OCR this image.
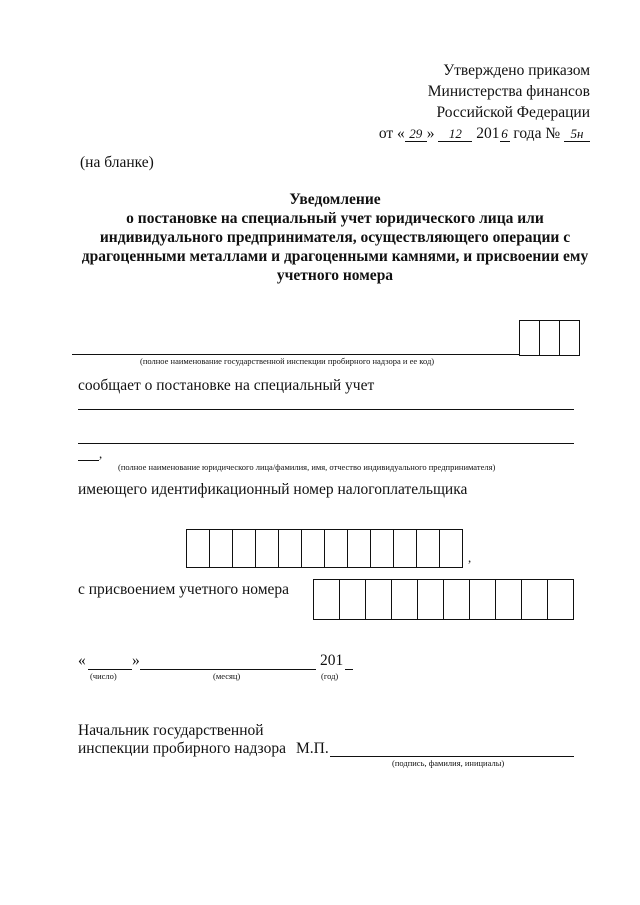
Утверждено приказом
Министерства финансов
Российской Федерации
от « 29 » 12 201 6 года № 5н
(на бланке)
Уведомление
о постановке на специальный учет юридического лица или
индивидуального предпринимателя, осуществляющего операции с
драгоценными металлами и драгоценными камнями, и присвоении ему
учетного номера
(полное наименование государственной инспекции пробирного надзора и ее код)
сообщает о постановке на специальный учет
,
(полное наименование юридического лица/фамилия, имя, отчество индивидуального предпринимателя)
имеющего идентификационный номер налогоплательщика
,
с присвоением учетного номера
«	»	201
(число)	(месяц)	(год)
Начальник государственной
инспекции пробирного надзора М.П.
(подпись, фамилия, инициалы)
